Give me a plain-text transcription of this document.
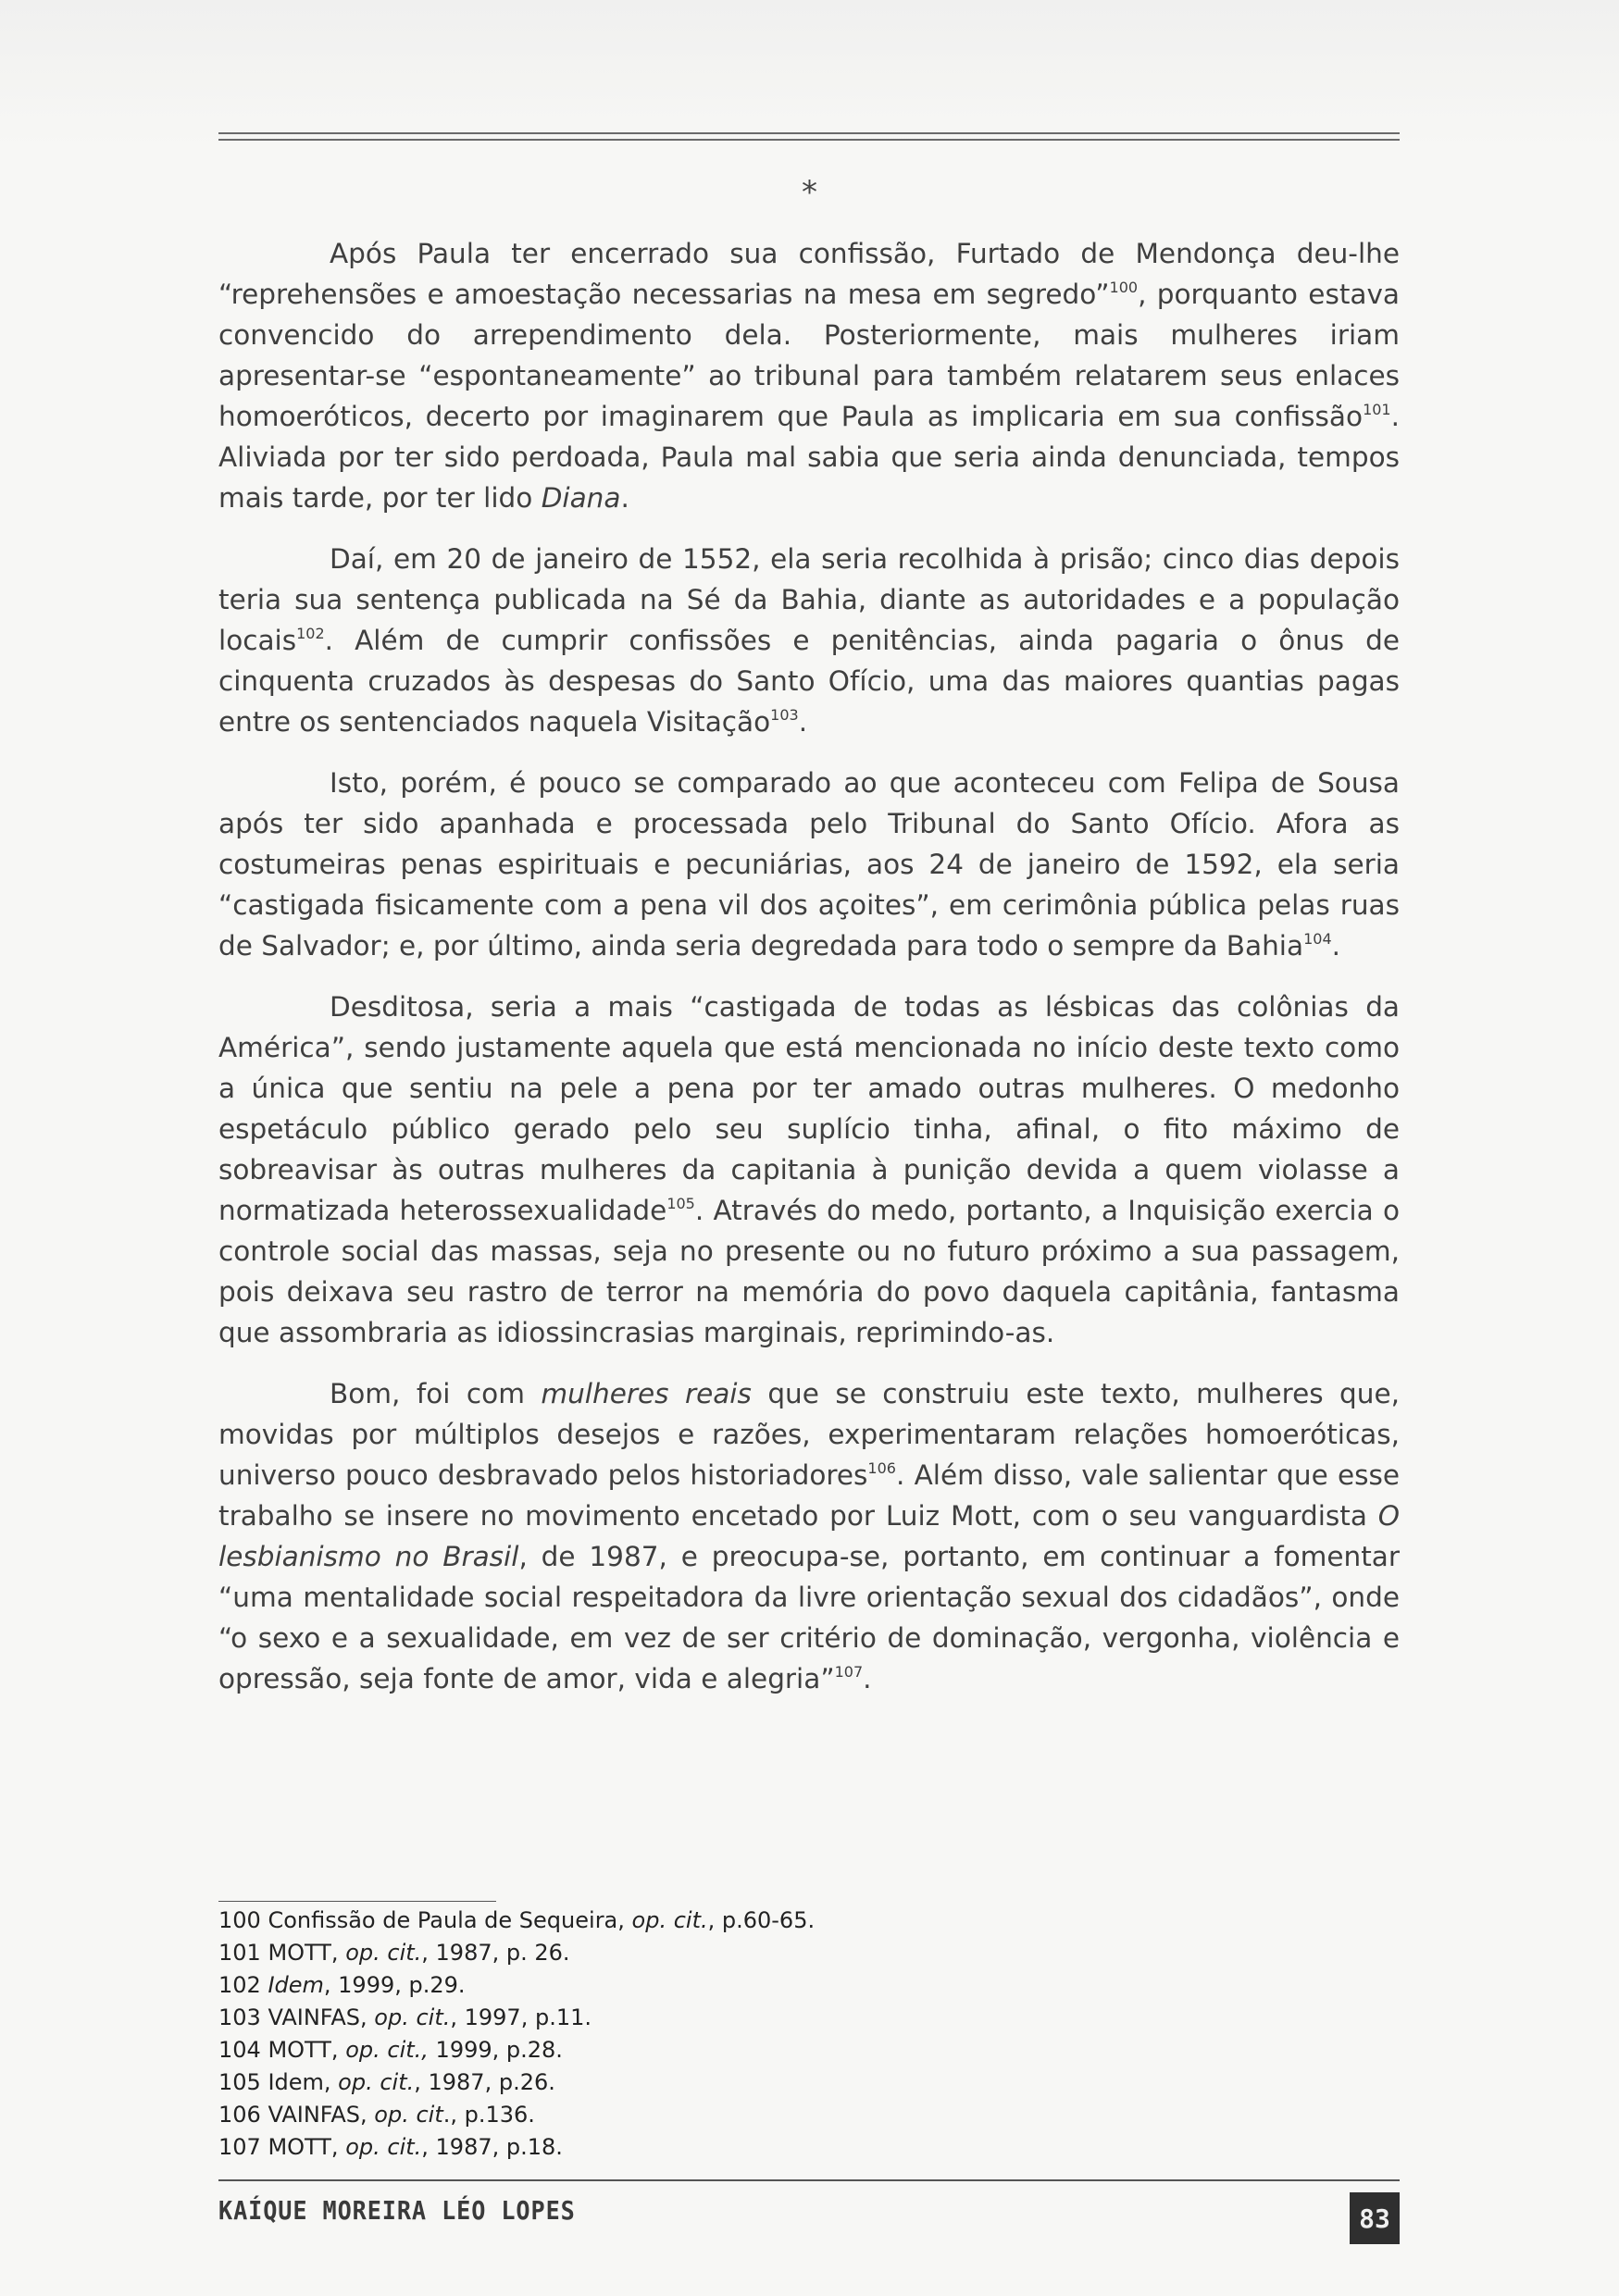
*

Após Paula ter encerrado sua confissão, Furtado de Mendonça deu-lhe “reprehensões e amoestação necessarias na mesa em segredo”$^{100}$, porquanto estava convencido do arrependimento dela. Posteriormente, mais mulheres iriam apresentar-se “espontaneamente” ao tribunal para também relatarem seus enlaces homoeróticos, decerto por imaginarem que Paula as implicaria em sua confissão$^{101}$. Aliviada por ter sido perdoada, Paula mal sabia que seria ainda denunciada, tempos mais tarde, por ter lido Diana.

Daí, em 20 de janeiro de 1552, ela seria recolhida à prisão; cinco dias depois teria sua sentença publicada na Sé da Bahia, diante as autoridades e a população locais$^{102}$. Além de cumprir confissões e penitências, ainda pagaria o ônus de cinquenta cruzados às despesas do Santo Ofício, uma das maiores quantias pagas entre os sentenciados naquela Visitação$^{103}$.

Isto, porém, é pouco se comparado ao que aconteceu com Felipa de Sousa após ter sido apanhada e processada pelo Tribunal do Santo Ofício. Afora as costumeiras penas espirituais e pecuniárias, aos 24 de janeiro de 1592, ela seria “castigada fisicamente com a pena vil dos açoites”, em cerimônia pública pelas ruas de Salvador; e, por último, ainda seria degredada para todo o sempre da Bahia$^{104}$.

Desditosa, seria a mais “castigada de todas as lésbicas das colônias da América”, sendo justamente aquela que está mencionada no início deste texto como a única que sentiu na pele a pena por ter amado outras mulheres. O medonho espetáculo público gerado pelo seu suplício tinha, afinal, o fito máximo de sobreavisar às outras mulheres da capitania à punição devida a quem violasse a normatizada heterossexualidade$^{105}$. Através do medo, portanto, a Inquisição exercia o controle social das massas, seja no presente ou no futuro próximo a sua passagem, pois deixava seu rastro de terror na memória do povo daquela capitânia, fantasma que assombraria as idiossincrasias marginais, reprimindo-as.

Bom, foi com mulheres reais que se construiu este texto, mulheres que, movidas por múltiplos desejos e razões, experimentaram relações homoeróticas, universo pouco desbravado pelos historiadores$^{106}$. Além disso, vale salientar que esse trabalho se insere no movimento encetado por Luiz Mott, com o seu vanguardista O lesbianismo no Brasil, de 1987, e preocupa-se, portanto, em continuar a fomentar “uma mentalidade social respeitadora da livre orientação sexual dos cidadãos”, onde “o sexo e a sexualidade, em vez de ser critério de dominação, vergonha, violência e opressão, seja fonte de amor, vida e alegria”$^{107}$.

100 Confissão de Paula de Sequeira, op. cit., p.60-65.
101 MOTT, op. cit., 1987, p. 26.
102 Idem, 1999, p.29.
103 VAINFAS, op. cit., 1997, p.11.
104 MOTT, op. cit., 1999, p.28.
105 Idem, op. cit., 1987, p.26.
106 VAINFAS, op. cit., p.136.
107 MOTT, op. cit., 1987, p.18.
KAÍQUE MOREIRA LÉO LOPES	83
